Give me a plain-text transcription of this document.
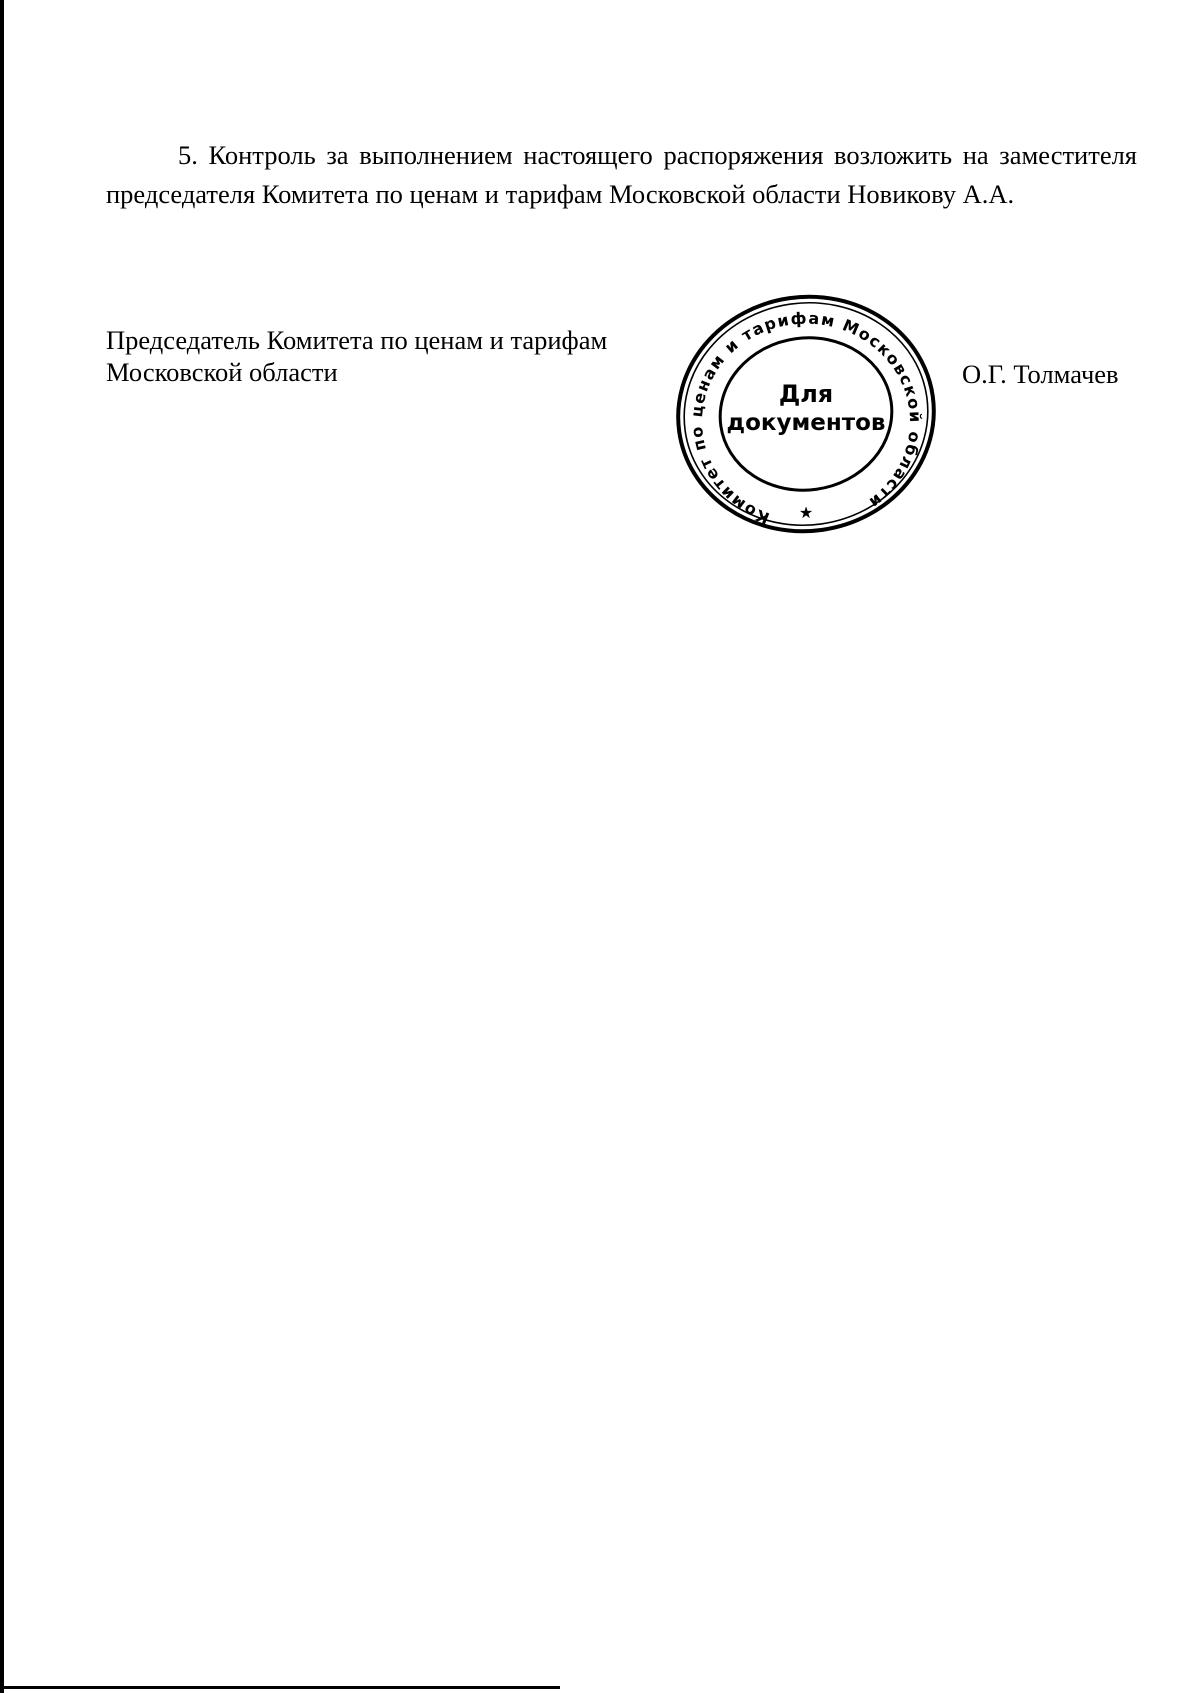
5. Контроль за выполнением настоящего распоряжения возложить на заместителя председателя Комитета по ценам и тарифам Московской области Новикову А.А.

Председатель Комитета по ценам и тарифам
Московской области
Комитет по ценам и тарифам Московской области
Для
документов
★
О.Г. Толмачев
